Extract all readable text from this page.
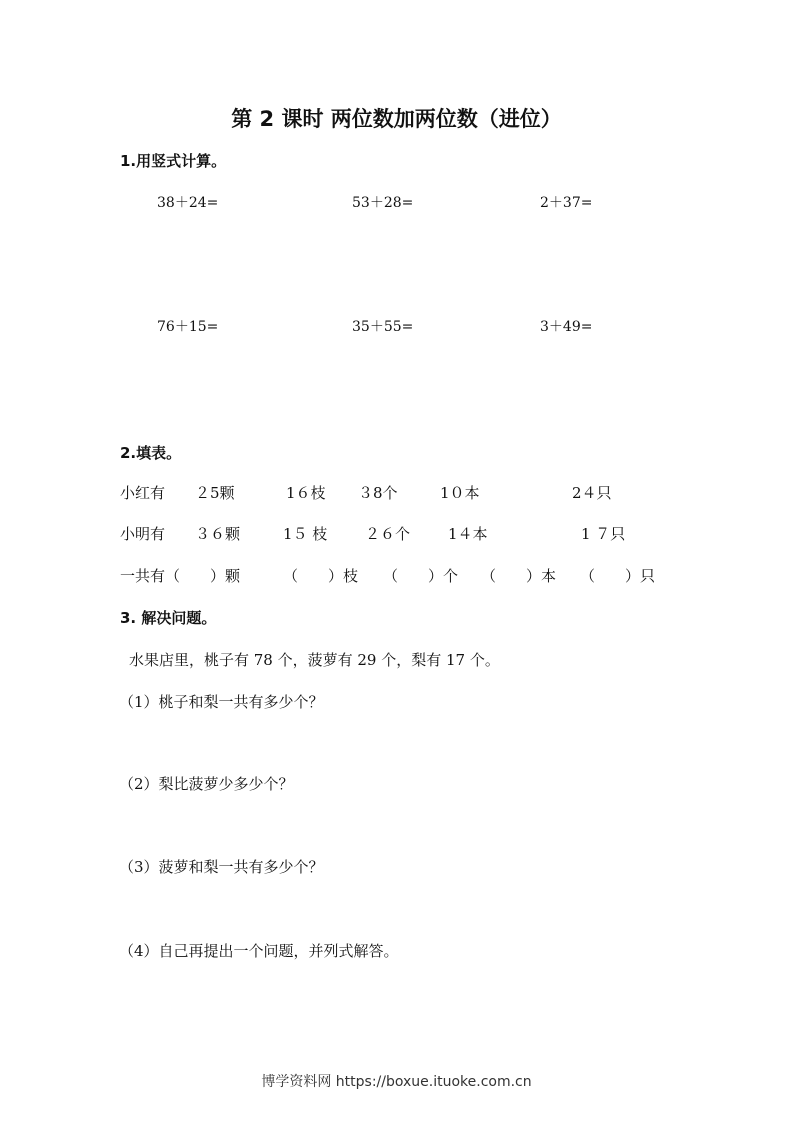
第 2 课时 两位数加两位数（进位）
1.用竖式计算。
38＋24=	53＋28=	2＋37=
76＋15=	35＋55=	3＋49=
2.填表。
小红有 ２5颗	1６枝 ３8个	1０本	2４只
小明有 ３６颗	1５ 枝	２６个	1４本	1 ７只
一共有（　　）颗	（　　）枝 （　　）个 （　　）本 （　　）只
3. 解决问题。
水果店里，桃子有 78 个，菠萝有 29 个，梨有 17 个。
（1）桃子和梨一共有多少个？
（2）梨比菠萝少多少个？
（3）菠萝和梨一共有多少个？
（4）自己再提出一个问题，并列式解答。
博学资料网 https://boxue.ituoke.com.cn
